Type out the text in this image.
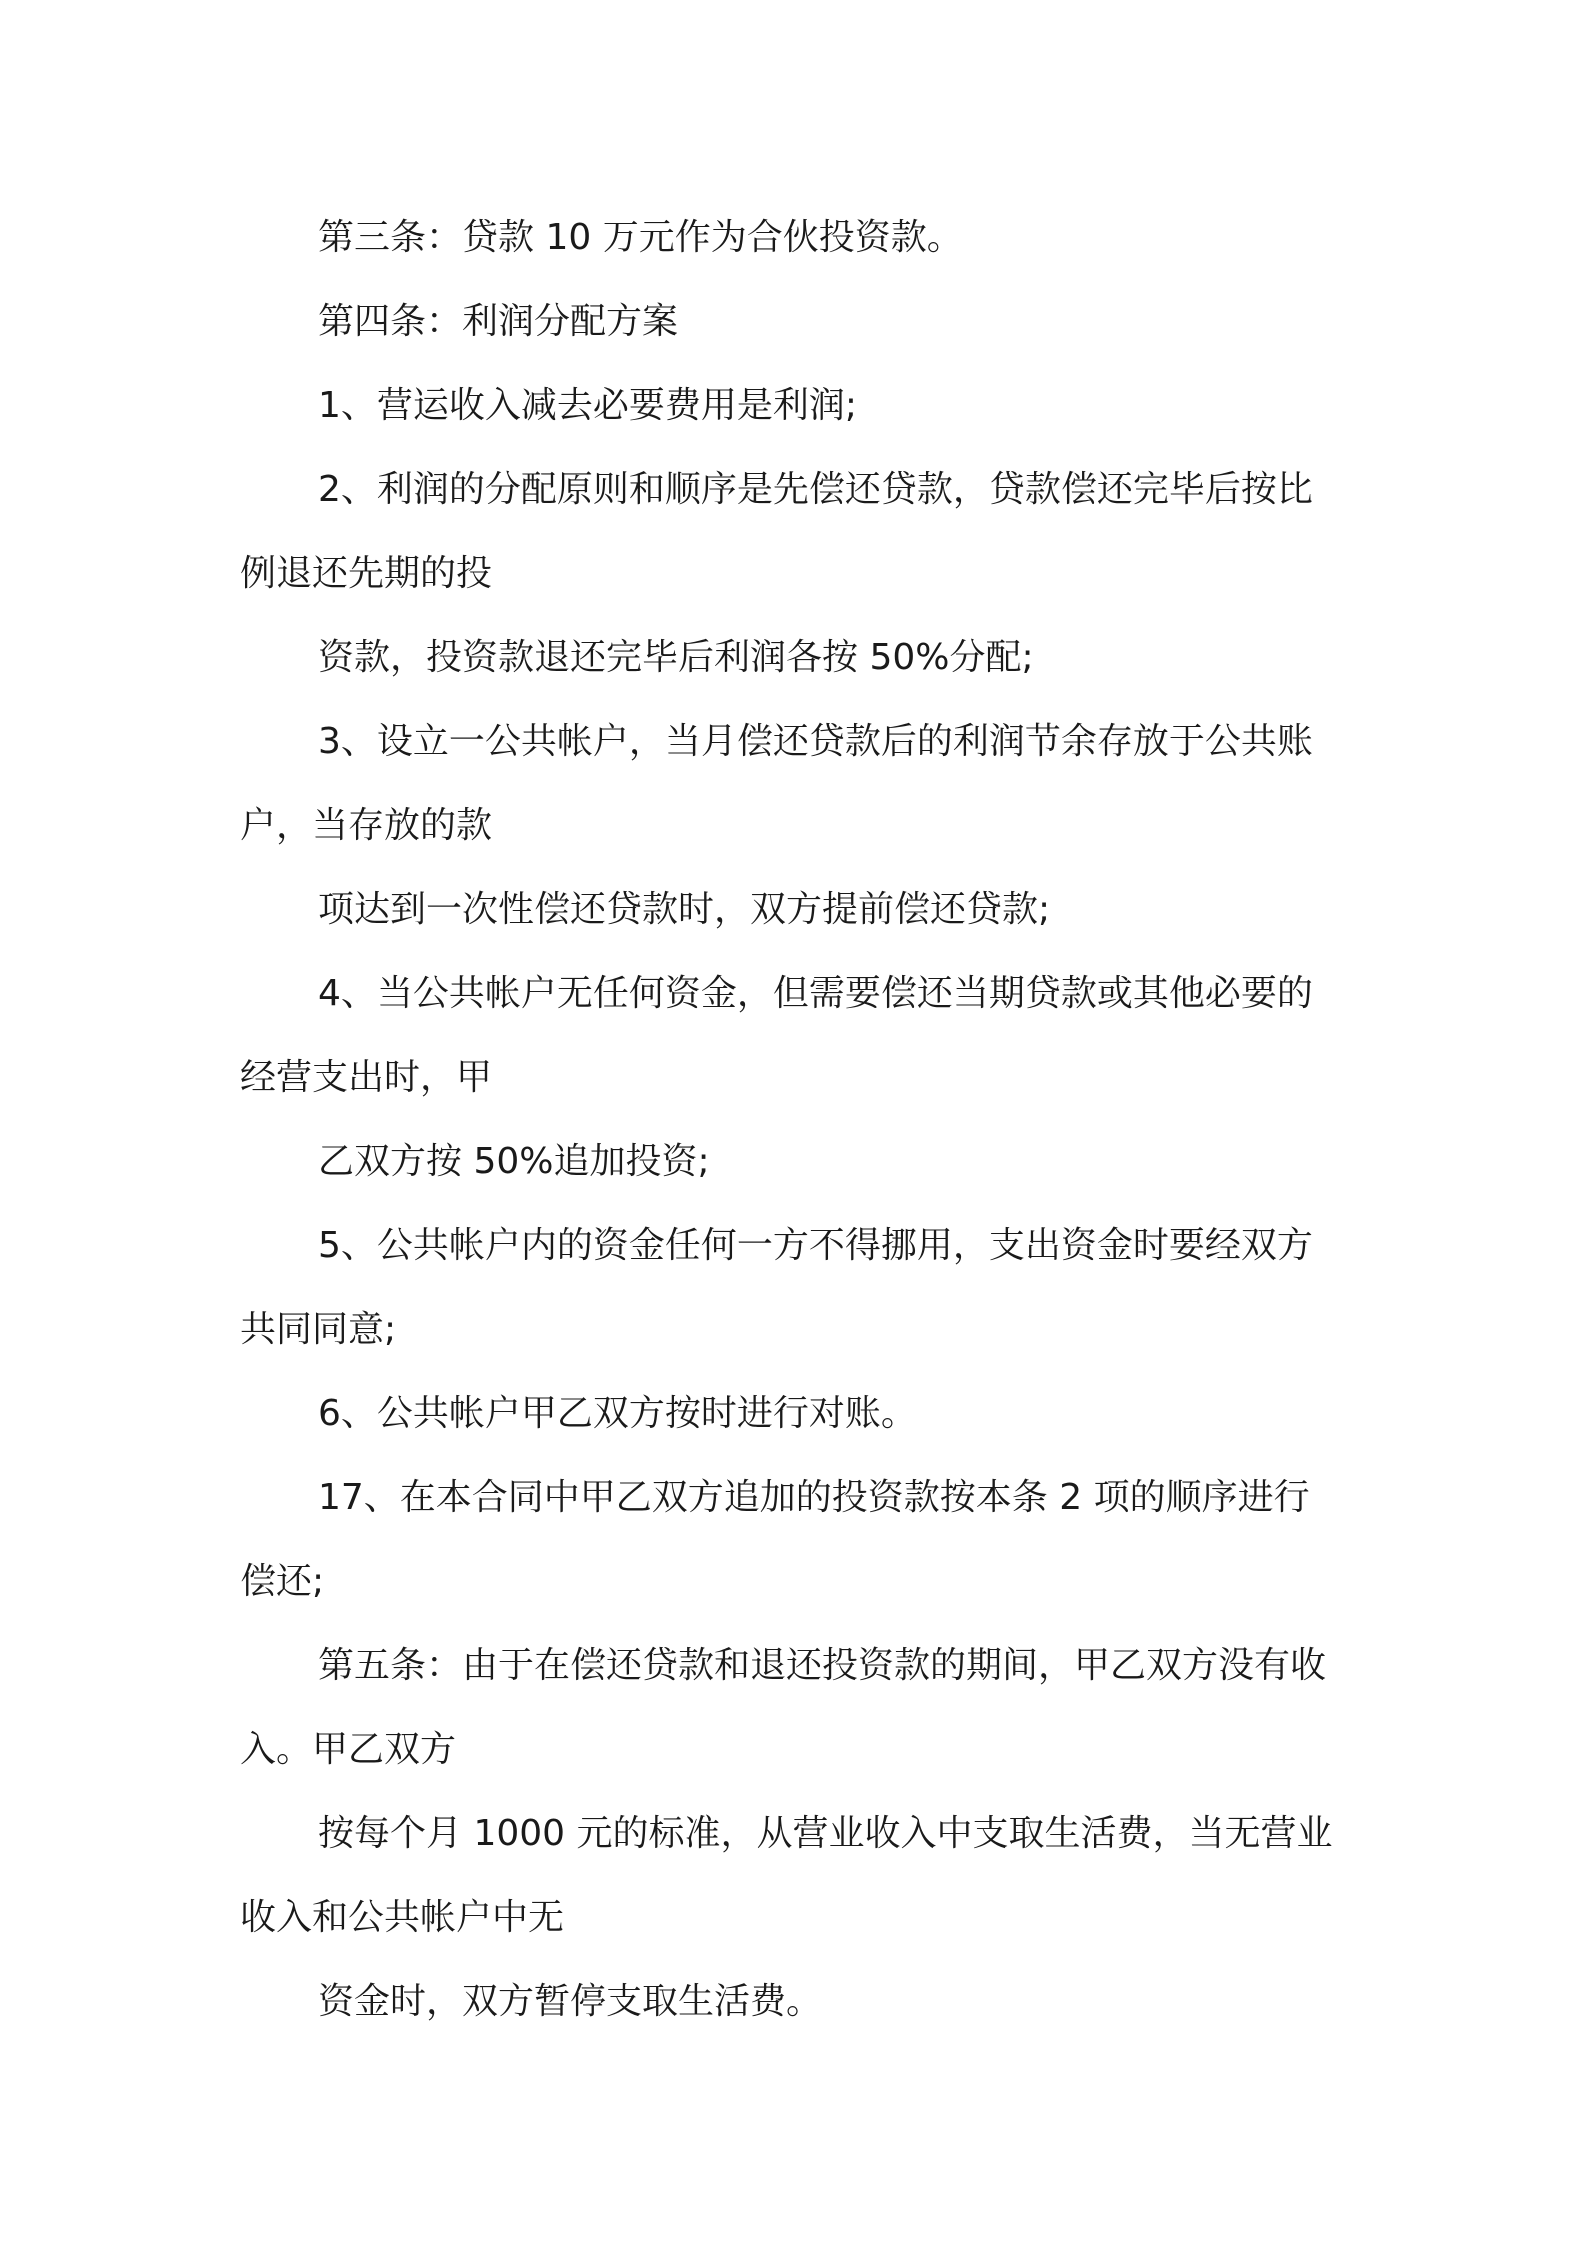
第三条：贷款 10 万元作为合伙投资款。
第四条：利润分配方案
1、营运收入减去必要费用是利润;
2、利润的分配原则和顺序是先偿还贷款，贷款偿还完毕后按比
例退还先期的投
资款，投资款退还完毕后利润各按 50%分配;
3、设立一公共帐户，当月偿还贷款后的利润节余存放于公共账
户，当存放的款
项达到一次性偿还贷款时，双方提前偿还贷款;
4、当公共帐户无任何资金，但需要偿还当期贷款或其他必要的
经营支出时，甲
乙双方按 50%追加投资;
5、公共帐户内的资金任何一方不得挪用，支出资金时要经双方
共同同意;
6、公共帐户甲乙双方按时进行对账。
17、在本合同中甲乙双方追加的投资款按本条 2 项的顺序进行
偿还;
第五条：由于在偿还贷款和退还投资款的期间，甲乙双方没有收
入。甲乙双方
按每个月 1000 元的标准，从营业收入中支取生活费，当无营业
收入和公共帐户中无
资金时，双方暂停支取生活费。
